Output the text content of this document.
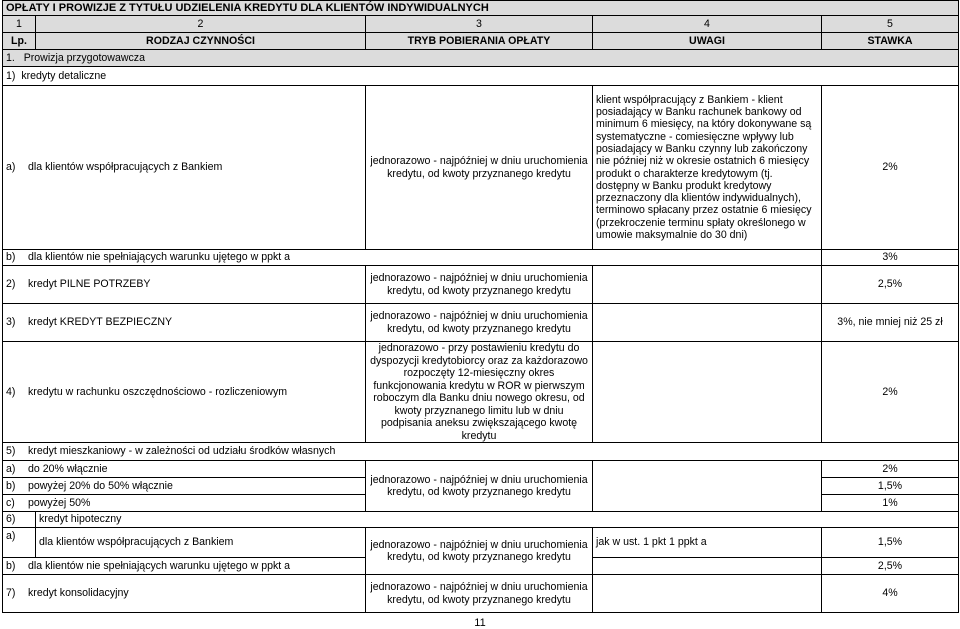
OPŁATY I PROWIZJE Z TYTUŁU UDZIELENIA KREDYTU DLA KLIENTÓW INDYWIDUALNYCH				
1	2	3	4	5
Lp.	RODZAJ CZYNNOŚCI	TRYB POBIERANIA OPŁATY	UWAGI	STAWKA
1. Prowizja przygotowawcza				
1) kredyty detaliczne				
a) dla klientów współpracujących z Bankiem		jednorazowo - najpóźniej w dniu uruchomienia kredytu, od kwoty przyznanego kredytu	klient współpracujący z Bankiem - klient posiadający w Banku rachunek bankowy od minimum 6 miesięcy, na który dokonywane są systematyczne - comiesięczne wpływy lub posiadający w Banku czynny lub zakończony nie później niż w okresie ostatnich 6 miesięcy produkt o charakterze kredytowym (tj. dostępny w Banku produkt kredytowy przeznaczony dla klientów indywidualnych), terminowo spłacany przez ostatnie 6 miesięcy (przekroczenie terminu spłaty określonego w umowie maksymalnie do 30 dni)	2%
b) dla klientów nie spełniających warunku ujętego w ppkt a				3%
2) kredyt PILNE POTRZEBY		jednorazowo - najpóźniej w dniu uruchomienia kredytu, od kwoty przyznanego kredytu		2,5%
3) kredyt KREDYT BEZPIECZNY		jednorazowo - najpóźniej w dniu uruchomienia kredytu, od kwoty przyznanego kredytu		3%, nie mniej niż 25 zł
4) kredytu w rachunku oszczędnościowo - rozliczeniowym		jednorazowo - przy postawieniu kredytu do dyspozycji kredytobiorcy oraz za każdorazowo rozpoczęty 12-miesięczny okres funkcjonowania kredytu w ROR w pierwszym roboczym dla Banku dniu nowego okresu, od kwoty przyznanego limitu lub w dniu podpisania aneksu zwiększającego kwotę kredytu		2%
5) kredyt mieszkaniowy - w zależności od udziału środków własnych				
a) do 20% włącznie		jednorazowo - najpóźniej w dniu uruchomienia kredytu, od kwoty przyznanego kredytu		2%
b) powyżej 20% do 50% włącznie				1,5%
c) powyżej 50%				1%
6)	kredyt hipoteczny			
a)	dla klientów współpracujących z Bankiem	jednorazowo - najpóźniej w dniu uruchomienia kredytu, od kwoty przyznanego kredytu	jak w ust. 1 pkt 1 ppkt a	1,5%
b) dla klientów nie spełniających warunku ujętego w ppkt a				2,5%
7) kredyt konsolidacyjny		jednorazowo - najpóźniej w dniu uruchomienia kredytu, od kwoty przyznanego kredytu		4%
11
